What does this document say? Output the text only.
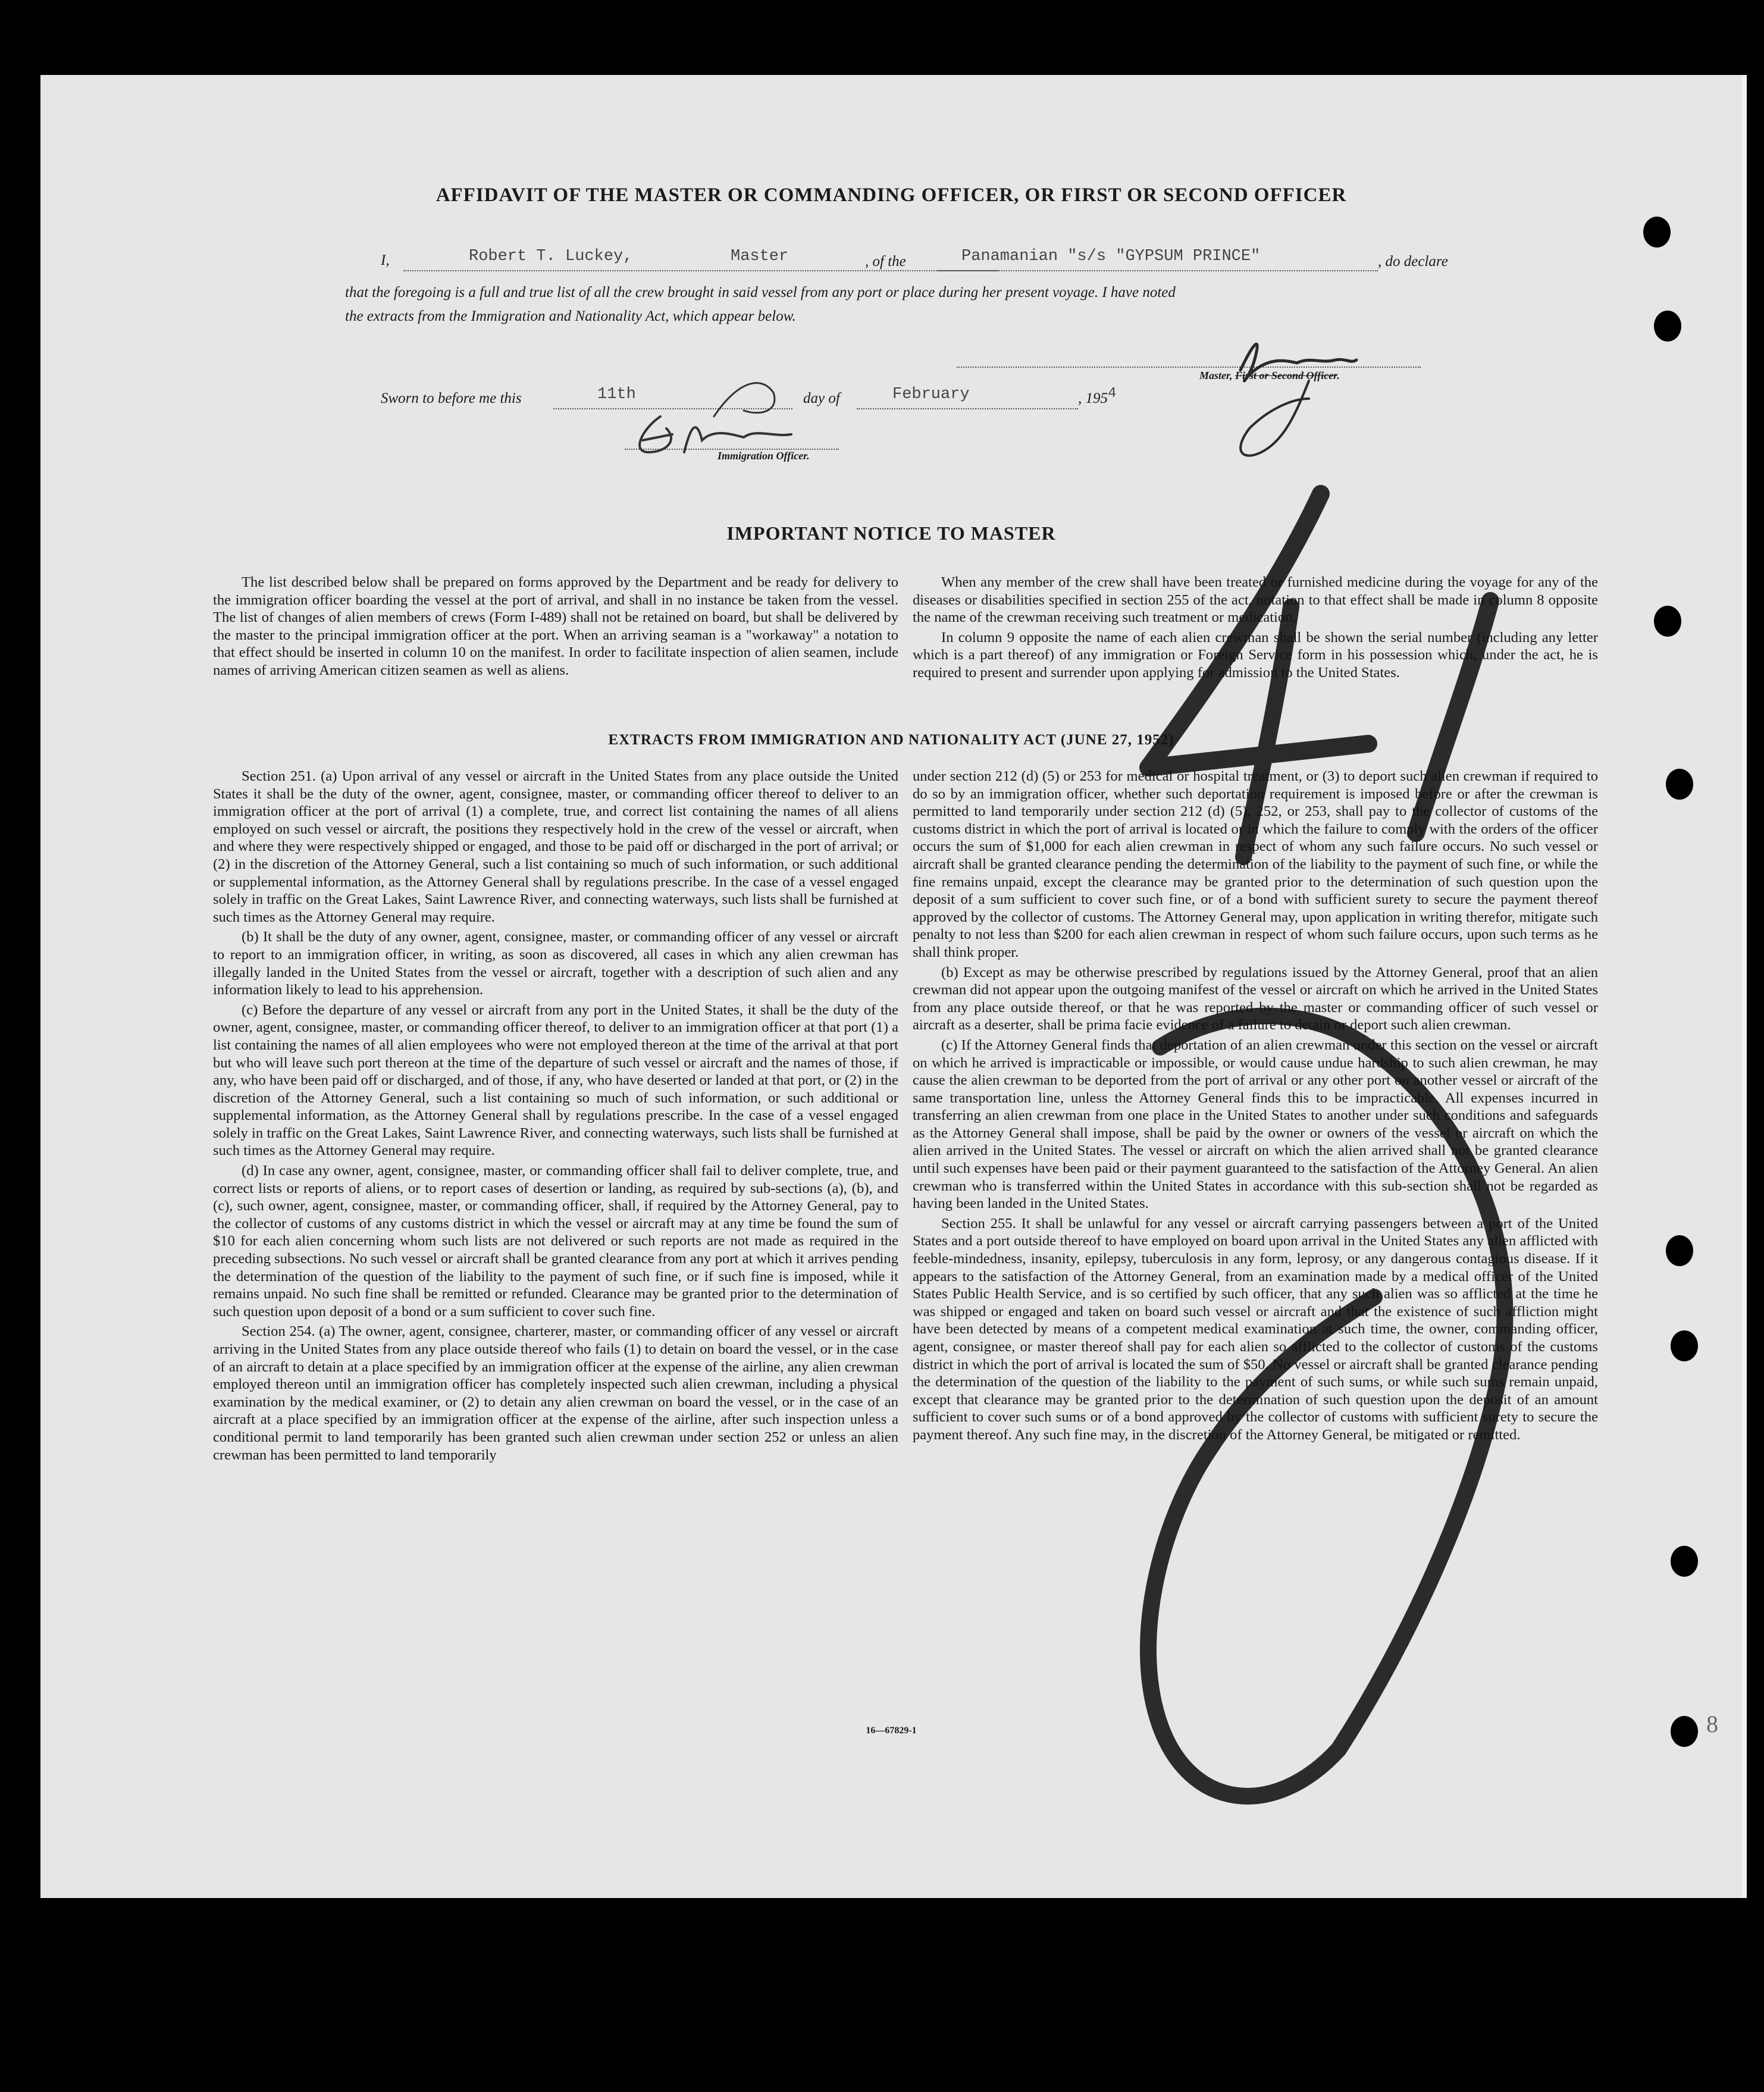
AFFIDAVIT OF THE MASTER OR COMMANDING OFFICER, OR FIRST OR SECOND OFFICER
I,	Robert T. Luckey,	Master	, of the	Panamanian "s/s "GYPSUM PRINCE"	, do declare
that the foregoing is a full and true list of all the crew brought in said vessel from any port or place during her present voyage. I have noted
the extracts from the Immigration and Nationality Act, which appear below.
Master, First or Second Officer.
Sworn to before me this	11th	day of	February	, 1954
Immigration Officer.
IMPORTANT NOTICE TO MASTER

The list described below shall be prepared on forms approved by the Department and be ready for delivery to the immigration officer boarding the vessel at the port of arrival, and shall in no instance be taken from the vessel. The list of changes of alien members of crews (Form I-489) shall not be retained on board, but shall be delivered by the master to the principal immigration officer at the port. When an arriving seaman is a "workaway" a notation to that effect should be inserted in column 10 on the manifest. In order to facilitate inspection of alien seamen, include names of arriving American citizen seamen as well as aliens.

When any member of the crew shall have been treated or furnished medicine during the voyage for any of the diseases or disabilities specified in section 255 of the act, notation to that effect shall be made in column 8 opposite the name of the crewman receiving such treatment or medication.

In column 9 opposite the name of each alien crewman shall be shown the serial number (including any letter which is a part thereof) of any immigration or Foreign Service form in his possession which, under the act, he is required to present and surrender upon applying for admission to the United States.

EXTRACTS FROM IMMIGRATION AND NATIONALITY ACT (JUNE 27, 1952)

Section 251. (a) Upon arrival of any vessel or aircraft in the United States from any place outside the United States it shall be the duty of the owner, agent, consignee, master, or commanding officer thereof to deliver to an immigration officer at the port of arrival (1) a complete, true, and correct list containing the names of all aliens employed on such vessel or aircraft, the positions they respectively hold in the crew of the vessel or aircraft, when and where they were respectively shipped or engaged, and those to be paid off or discharged in the port of arrival; or (2) in the discretion of the Attorney General, such a list containing so much of such information, or such additional or supplemental information, as the Attorney General shall by regulations prescribe. In the case of a vessel engaged solely in traffic on the Great Lakes, Saint Lawrence River, and connecting waterways, such lists shall be furnished at such times as the Attorney General may require.

(b) It shall be the duty of any owner, agent, consignee, master, or commanding officer of any vessel or aircraft to report to an immigration officer, in writing, as soon as discovered, all cases in which any alien crewman has illegally landed in the United States from the vessel or aircraft, together with a description of such alien and any information likely to lead to his apprehension.

(c) Before the departure of any vessel or aircraft from any port in the United States, it shall be the duty of the owner, agent, consignee, master, or commanding officer thereof, to deliver to an immigration officer at that port (1) a list containing the names of all alien employees who were not employed thereon at the time of the arrival at that port but who will leave such port thereon at the time of the departure of such vessel or aircraft and the names of those, if any, who have been paid off or discharged, and of those, if any, who have deserted or landed at that port, or (2) in the discretion of the Attorney General, such a list containing so much of such information, or such additional or supplemental information, as the Attorney General shall by regulations prescribe. In the case of a vessel engaged solely in traffic on the Great Lakes, Saint Lawrence River, and connecting waterways, such lists shall be furnished at such times as the Attorney General may require.

(d) In case any owner, agent, consignee, master, or commanding officer shall fail to deliver complete, true, and correct lists or reports of aliens, or to report cases of desertion or landing, as required by sub-sections (a), (b), and (c), such owner, agent, consignee, master, or commanding officer, shall, if required by the Attorney General, pay to the collector of customs of any customs district in which the vessel or aircraft may at any time be found the sum of $10 for each alien concerning whom such lists are not delivered or such reports are not made as required in the preceding subsections. No such vessel or aircraft shall be granted clearance from any port at which it arrives pending the determination of the question of the liability to the payment of such fine, or if such fine is imposed, while it remains unpaid. No such fine shall be remitted or refunded. Clearance may be granted prior to the determination of such question upon deposit of a bond or a sum sufficient to cover such fine.

Section 254. (a) The owner, agent, consignee, charterer, master, or commanding officer of any vessel or aircraft arriving in the United States from any place outside thereof who fails (1) to detain on board the vessel, or in the case of an aircraft to detain at a place specified by an immigration officer at the expense of the airline, any alien crewman employed thereon until an immigration officer has completely inspected such alien crewman, including a physical examination by the medical examiner, or (2) to detain any alien crewman on board the vessel, or in the case of an aircraft at a place specified by an immigration officer at the expense of the airline, after such inspection unless a conditional permit to land temporarily has been granted such alien crewman under section 252 or unless an alien crewman has been permitted to land temporarily

under section 212 (d) (5) or 253 for medical or hospital treatment, or (3) to deport such alien crewman if required to do so by an immigration officer, whether such deportation requirement is imposed before or after the crewman is permitted to land temporarily under section 212 (d) (5), 252, or 253, shall pay to the collector of customs of the customs district in which the port of arrival is located or in which the failure to comply with the orders of the officer occurs the sum of $1,000 for each alien crewman in respect of whom any such failure occurs. No such vessel or aircraft shall be granted clearance pending the determination of the liability to the payment of such fine, or while the fine remains unpaid, except the clearance may be granted prior to the determination of such question upon the deposit of a sum sufficient to cover such fine, or of a bond with sufficient surety to secure the payment thereof approved by the collector of customs. The Attorney General may, upon application in writing therefor, mitigate such penalty to not less than $200 for each alien crewman in respect of whom such failure occurs, upon such terms as he shall think proper.

(b) Except as may be otherwise prescribed by regulations issued by the Attorney General, proof that an alien crewman did not appear upon the outgoing manifest of the vessel or aircraft on which he arrived in the United States from any place outside thereof, or that he was reported by the master or commanding officer of such vessel or aircraft as a deserter, shall be prima facie evidence of a failure to detain or deport such alien crewman.

(c) If the Attorney General finds that deportation of an alien crewman under this section on the vessel or aircraft on which he arrived is impracticable or impossible, or would cause undue hardship to such alien crewman, he may cause the alien crewman to be deported from the port of arrival or any other port on another vessel or aircraft of the same transportation line, unless the Attorney General finds this to be impracticable. All expenses incurred in transferring an alien crewman from one place in the United States to another under such conditions and safeguards as the Attorney General shall impose, shall be paid by the owner or owners of the vessel or aircraft on which the alien arrived in the United States. The vessel or aircraft on which the alien arrived shall not be granted clearance until such expenses have been paid or their payment guaranteed to the satisfaction of the Attorney General. An alien crewman who is transferred within the United States in accordance with this sub-section shall not be regarded as having been landed in the United States.

Section 255. It shall be unlawful for any vessel or aircraft carrying passengers between a port of the United States and a port outside thereof to have employed on board upon arrival in the United States any alien afflicted with feeble-mindedness, insanity, epilepsy, tuberculosis in any form, leprosy, or any dangerous contagious disease. If it appears to the satisfaction of the Attorney General, from an examination made by a medical officer of the United States Public Health Service, and is so certified by such officer, that any such alien was so afflicted at the time he was shipped or engaged and taken on board such vessel or aircraft and that the existence of such affliction might have been detected by means of a competent medical examination at such time, the owner, commanding officer, agent, consignee, or master thereof shall pay for each alien so afflicted to the collector of customs of the customs district in which the port of arrival is located the sum of $50. No vessel or aircraft shall be granted clearance pending the determination of the question of the liability to the payment of such sums, or while such sums remain unpaid, except that clearance may be granted prior to the determination of such question upon the deposit of an amount sufficient to cover such sums or of a bond approved by the collector of customs with sufficient surety to secure the payment thereof. Any such fine may, in the discretion of the Attorney General, be mitigated or remitted.

16—67829-1	8
